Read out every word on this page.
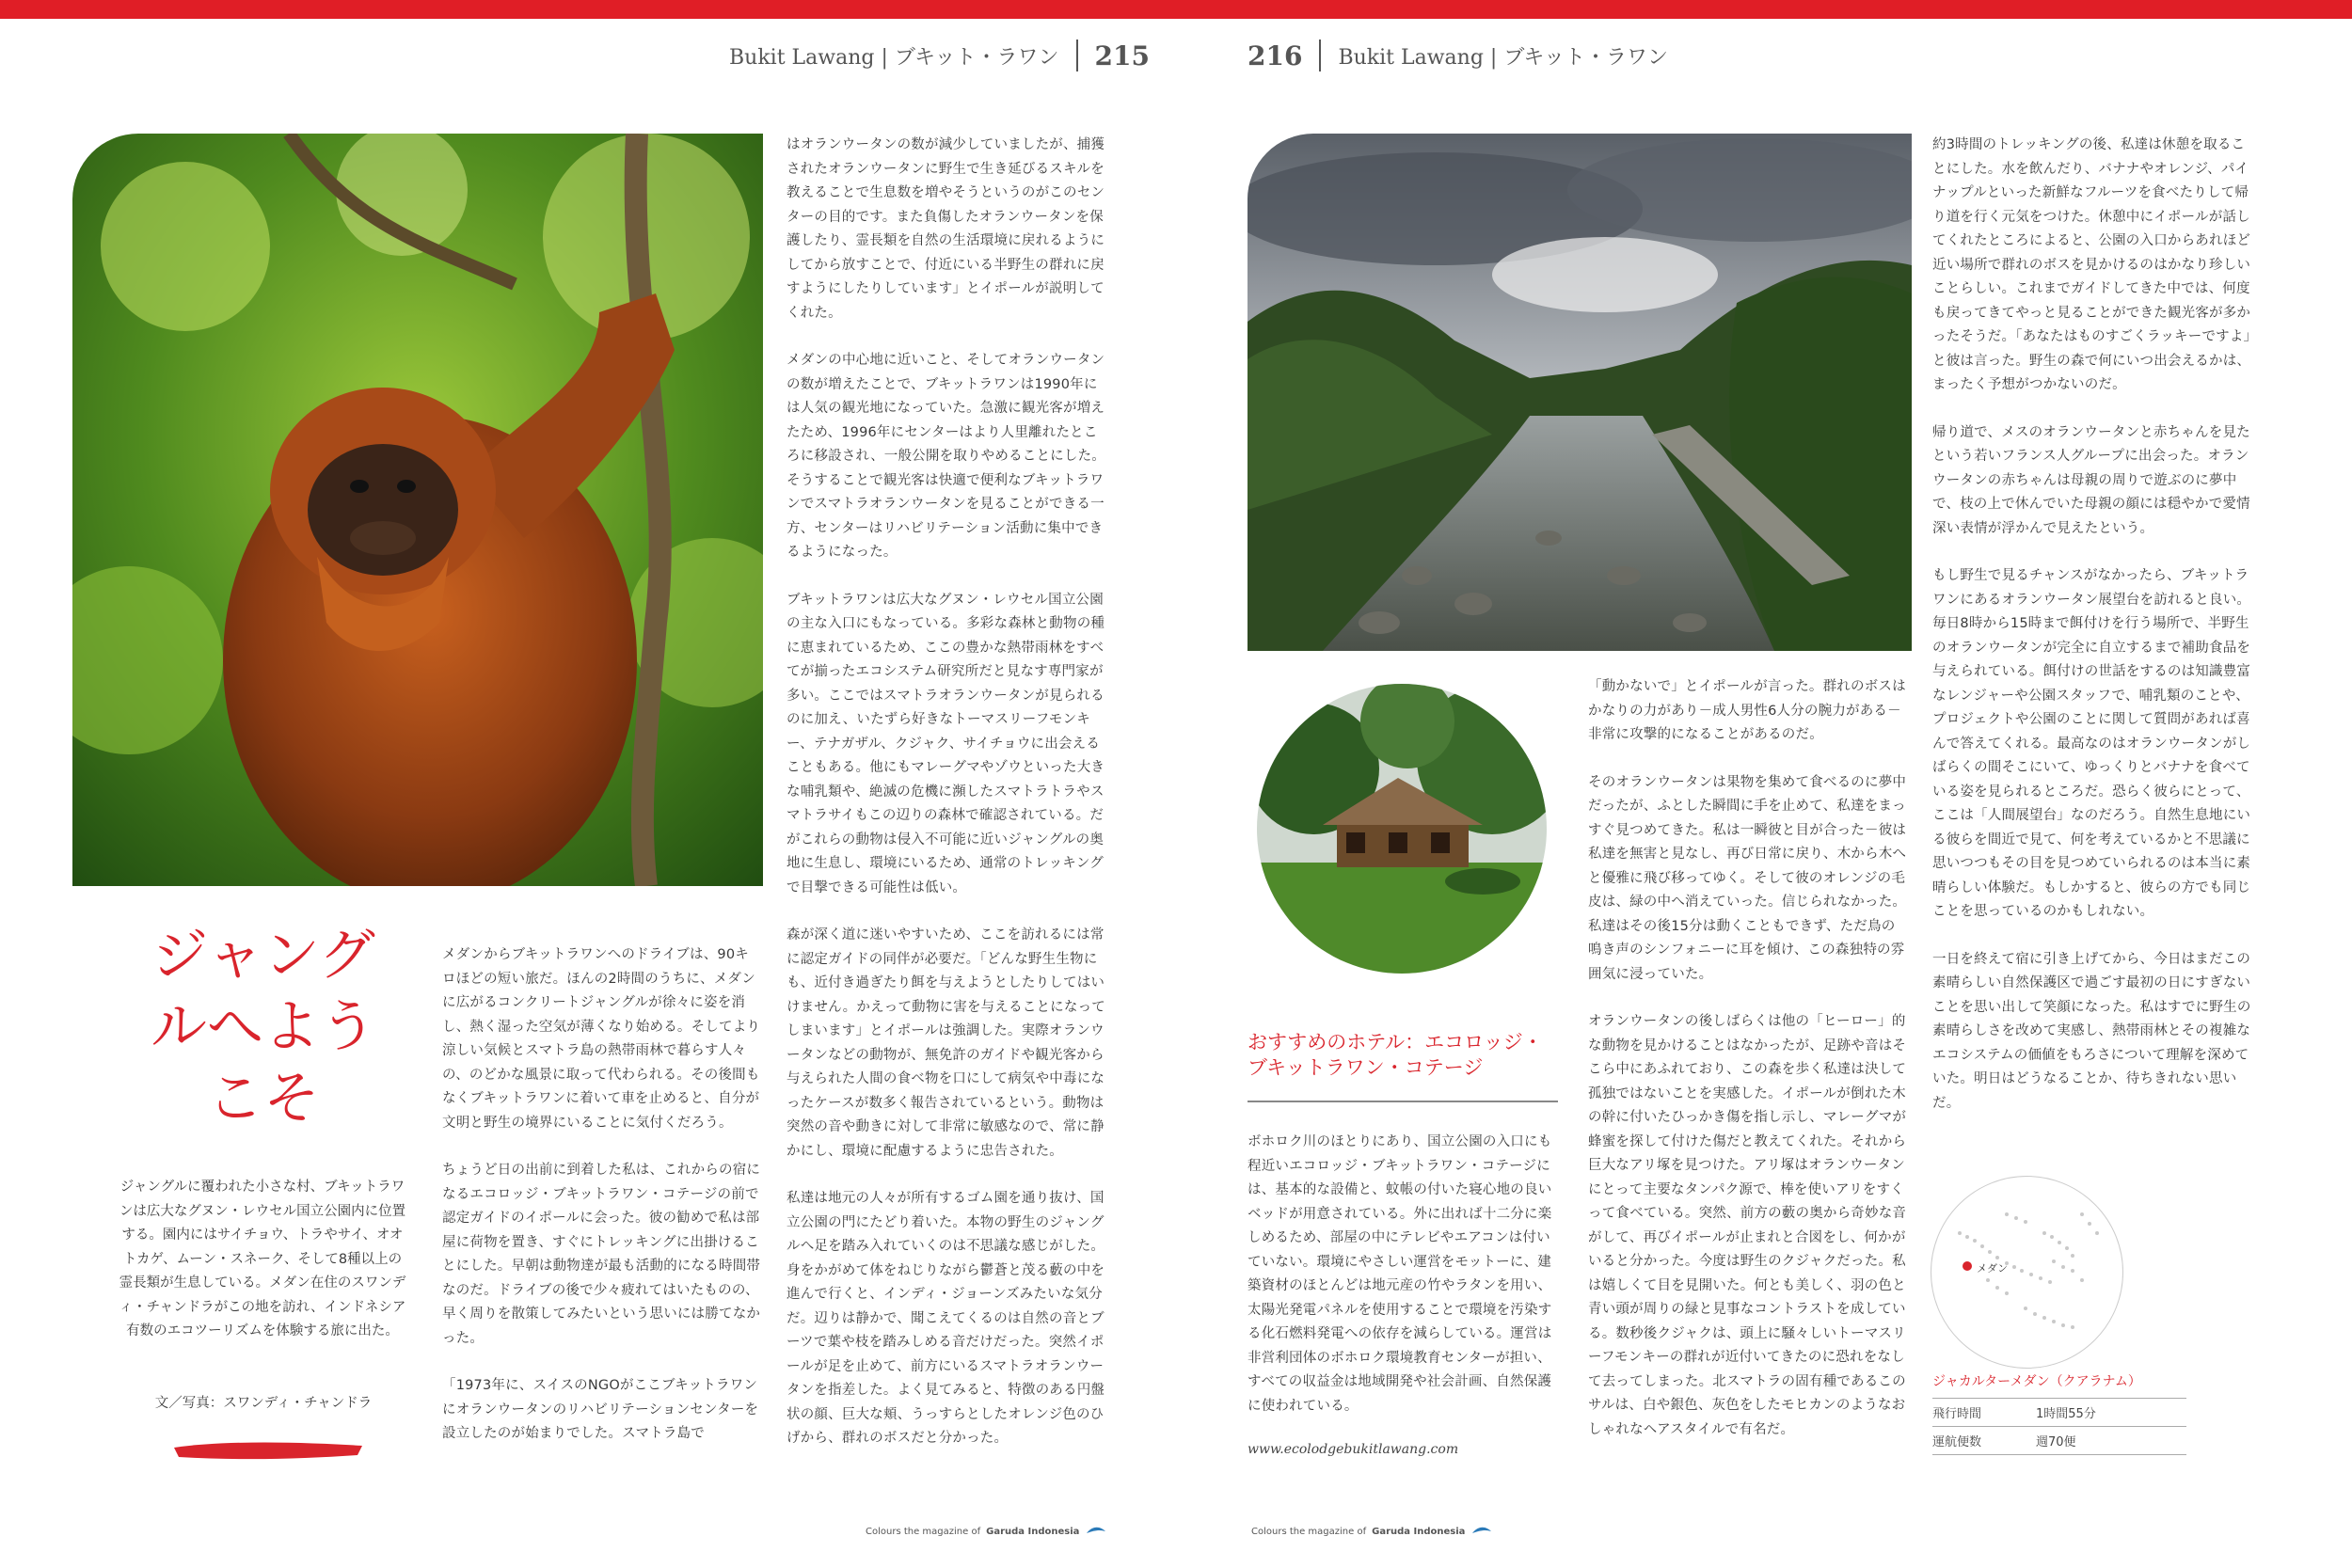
Bukit Lawang | ブキット・ラワン 215	216 Bukit Lawang | ブキット・ラワン
ジャング
ルへよう
こそ
ジャングルに覆われた小さな村、ブキットラワンは広大なグヌン・レウセル国立公園内に位置する。園内にはサイチョウ、トラやサイ、オオトカゲ、ムーン・スネーク、そして8種以上の霊長類が生息している。メダン在住のスワンディ・チャンドラがこの地を訪れ、インドネシア有数のエコツーリズムを体験する旅に出た。
文／写真：スワンディ・チャンドラ

メダンからブキットラワンへのドライブは、90キロほどの短い旅だ。ほんの2時間のうちに、メダンに広がるコンクリートジャングルが徐々に姿を消し、熱く湿った空気が薄くなり始める。そしてより涼しい気候とスマトラ島の熱帯雨林で暮らす人々の、のどかな風景に取って代わられる。その後間もなくブキットラワンに着いて車を止めると、自分が文明と野生の境界にいることに気付くだろう。

ちょうど日の出前に到着した私は、これからの宿になるエコロッジ・ブキットラワン・コテージの前で認定ガイドのイポールに会った。彼の勧めで私は部屋に荷物を置き、すぐにトレッキングに出掛けることにした。早朝は動物達が最も活動的になる時間帯なのだ。ドライブの後で少々疲れてはいたものの、早く周りを散策してみたいという思いには勝てなかった。

「1973年に、スイスのNGOがここブキットラワンにオランウータンのリハビリテーションセンターを設立したのが始まりでした。スマトラ島で

はオランウータンの数が減少していましたが、捕獲されたオランウータンに野生で生き延びるスキルを教えることで生息数を増やそうというのがこのセンターの目的です。また負傷したオランウータンを保護したり、霊長類を自然の生活環境に戻れるようにしてから放すことで、付近にいる半野生の群れに戻すようにしたりしています」とイポールが説明してくれた。

メダンの中心地に近いこと、そしてオランウータンの数が増えたことで、ブキットラワンは1990年には人気の観光地になっていた。急激に観光客が増えたため、1996年にセンターはより人里離れたところに移設され、一般公開を取りやめることにした。そうすることで観光客は快適で便利なブキットラワンでスマトラオランウータンを見ることができる一方、センターはリハビリテーション活動に集中できるようになった。

ブキットラワンは広大なグヌン・レウセル国立公園の主な入口にもなっている。多彩な森林と動物の種に恵まれているため、ここの豊かな熱帯雨林をすべてが揃ったエコシステム研究所だと見なす専門家が多い。ここではスマトラオランウータンが見られるのに加え、いたずら好きなトーマスリーフモンキー、テナガザル、クジャク、サイチョウに出会えることもある。他にもマレーグマやゾウといった大きな哺乳類や、絶滅の危機に瀕したスマトラトラやスマトラサイもこの辺りの森林で確認されている。だがこれらの動物は侵入不可能に近いジャングルの奥地に生息し、環境にいるため、通常のトレッキングで目撃できる可能性は低い。

森が深く道に迷いやすいため、ここを訪れるには常に認定ガイドの同伴が必要だ。「どんな野生生物にも、近付き過ぎたり餌を与えようとしたりしてはいけません。かえって動物に害を与えることになってしまいます」とイポールは強調した。実際オランウータンなどの動物が、無免許のガイドや観光客から与えられた人間の食べ物を口にして病気や中毒になったケースが数多く報告されているという。動物は突然の音や動きに対して非常に敏感なので、常に静かにし、環境に配慮するように忠告された。

私達は地元の人々が所有するゴム園を通り抜け、国立公園の門にたどり着いた。本物の野生のジャングルへ足を踏み入れていくのは不思議な感じがした。身をかがめて体をねじりながら鬱蒼と茂る藪の中を進んで行くと、インディ・ジョーンズみたいな気分だ。辺りは静かで、聞こえてくるのは自然の音とブーツで葉や枝を踏みしめる音だけだった。突然イポールが足を止めて、前方にいるスマトラオランウータンを指差した。よく見てみると、特徴のある円盤状の顔、巨大な頬、うっすらとしたオレンジ色のひげから、群れのボスだと分かった。

おすすめのホテル：エコロッジ・ブキットラワン・コテージ

ボホロク川のほとりにあり、国立公園の入口にも程近いエコロッジ・ブキットラワン・コテージには、基本的な設備と、蚊帳の付いた寝心地の良いベッドが用意されている。外に出れば十二分に楽しめるため、部屋の中にテレビやエアコンは付いていない。環境にやさしい運営をモットーに、建築資材のほとんどは地元産の竹やラタンを用い、太陽光発電パネルを使用することで環境を汚染する化石燃料発電への依存を減らしている。運営は非営利団体のボホロク環境教育センターが担い、すべての収益金は地域開発や社会計画、自然保護に使われている。

www.ecolodgebukitlawang.com

「動かないで」とイポールが言った。群れのボスはかなりの力があり－成人男性6人分の腕力がある－非常に攻撃的になることがあるのだ。

そのオランウータンは果物を集めて食べるのに夢中だったが、ふとした瞬間に手を止めて、私達をまっすぐ見つめてきた。私は一瞬彼と目が合った－彼は私達を無害と見なし、再び日常に戻り、木から木へと優雅に飛び移ってゆく。そして彼のオレンジの毛皮は、緑の中へ消えていった。信じられなかった。私達はその後15分は動くこともできず、ただ鳥の鳴き声のシンフォニーに耳を傾け、この森独特の雰囲気に浸っていた。

オランウータンの後しばらくは他の「ヒーロー」的な動物を見かけることはなかったが、足跡や音はそこら中にあふれており、この森を歩く私達は決して孤独ではないことを実感した。イポールが倒れた木の幹に付いたひっかき傷を指し示し、マレーグマが蜂蜜を探して付けた傷だと教えてくれた。それから巨大なアリ塚を見つけた。アリ塚はオランウータンにとって主要なタンパク源で、棒を使いアリをすくって食べている。突然、前方の藪の奥から奇妙な音がして、再びイポールが止まれと合図をし、何かがいると分かった。今度は野生のクジャクだった。私は嬉しくて目を見開いた。何とも美しく、羽の色と青い頭が周りの緑と見事なコントラストを成している。数秒後クジャクは、頭上に騒々しいトーマスリーフモンキーの群れが近付いてきたのに恐れをなして去ってしまった。北スマトラの固有種であるこのサルは、白や銀色、灰色をしたモヒカンのようなおしゃれなヘアスタイルで有名だ。

約3時間のトレッキングの後、私達は休憩を取ることにした。水を飲んだり、バナナやオレンジ、パイナップルといった新鮮なフルーツを食べたりして帰り道を行く元気をつけた。休憩中にイポールが話してくれたところによると、公園の入口からあれほど近い場所で群れのボスを見かけるのはかなり珍しいことらしい。これまでガイドしてきた中では、何度も戻ってきてやっと見ることができた観光客が多かったそうだ。「あなたはものすごくラッキーですよ」と彼は言った。野生の森で何にいつ出会えるかは、まったく予想がつかないのだ。

帰り道で、メスのオランウータンと赤ちゃんを見たという若いフランス人グループに出会った。オランウータンの赤ちゃんは母親の周りで遊ぶのに夢中で、枝の上で休んでいた母親の顔には穏やかで愛情深い表情が浮かんで見えたという。

もし野生で見るチャンスがなかったら、ブキットラワンにあるオランウータン展望台を訪れると良い。毎日8時から15時まで餌付けを行う場所で、半野生のオランウータンが完全に自立するまで補助食品を与えられている。餌付けの世話をするのは知識豊富なレンジャーや公園スタッフで、哺乳類のことや、プロジェクトや公園のことに関して質問があれば喜んで答えてくれる。最高なのはオランウータンがしばらくの間そこにいて、ゆっくりとバナナを食べている姿を見られるところだ。恐らく彼らにとって、ここは「人間展望台」なのだろう。自然生息地にいる彼らを間近で見て、何を考えているかと不思議に思いつつもその目を見つめていられるのは本当に素晴らしい体験だ。もしかすると、彼らの方でも同じことを思っているのかもしれない。

一日を終えて宿に引き上げてから、今日はまだこの素晴らしい自然保護区で過ごす最初の日にすぎないことを思い出して笑顔になった。私はすでに野生の素晴らしさを改めて実感し、熱帯雨林とその複雑なエコシステムの価値をもろさについて理解を深めていた。明日はどうなることか、待ちきれない思いだ。

メダン
ジャカルターメダン（クアラナム）
飛行時間	1時間55分
運航便数	週70便
Colours the magazine of Garuda Indonesia	Colours the magazine of Garuda Indonesia
